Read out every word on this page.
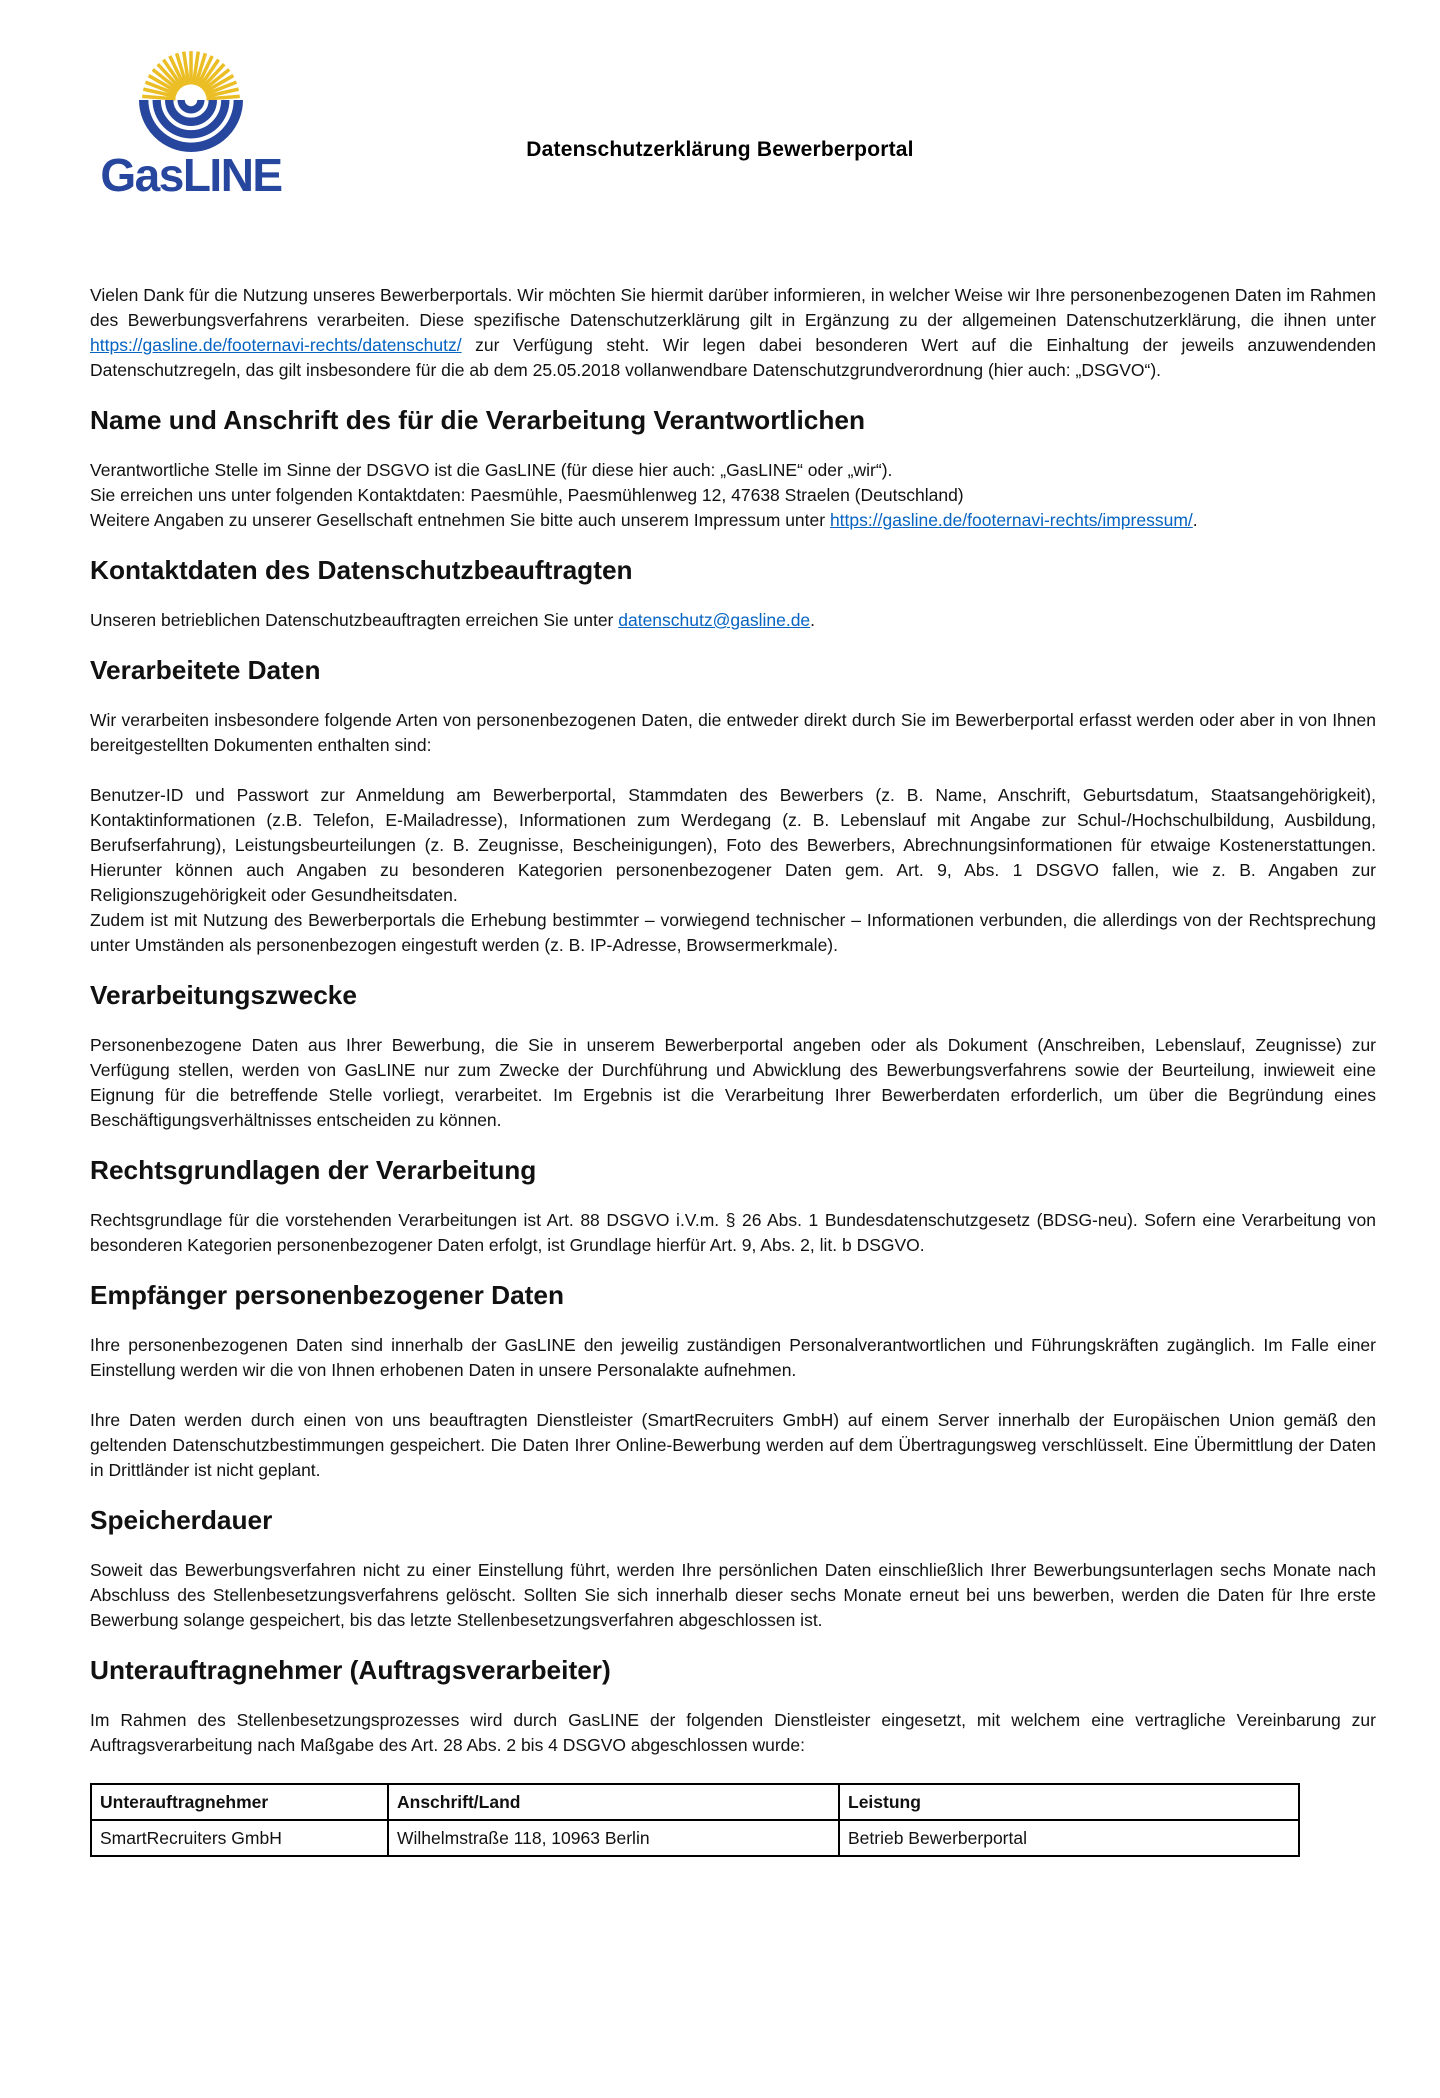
GasLINE	Datenschutzerklärung Bewerberportal

Vielen Dank für die Nutzung unseres Bewerberportals. Wir möchten Sie hiermit darüber informieren, in welcher Weise wir Ihre personenbezogenen Daten im Rahmen des Bewerbungsverfahrens verarbeiten. Diese spezifische Datenschutzerklärung gilt in Ergänzung zu der allgemeinen Datenschutzerklärung, die ihnen unter https://gasline.de/footernavi-rechts/datenschutz/ zur Verfügung steht. Wir legen dabei besonderen Wert auf die Einhaltung der jeweils anzuwendenden Datenschutzregeln, das gilt insbesondere für die ab dem 25.05.2018 vollanwendbare Datenschutzgrundverordnung (hier auch: „DSGVO“).

Name und Anschrift des für die Verarbeitung Verantwortlichen

Verantwortliche Stelle im Sinne der DSGVO ist die GasLINE (für diese hier auch: „GasLINE“ oder „wir“).
Sie erreichen uns unter folgenden Kontaktdaten: Paesmühle, Paesmühlenweg 12, 47638 Straelen (Deutschland)
Weitere Angaben zu unserer Gesellschaft entnehmen Sie bitte auch unserem Impressum unter https://gasline.de/footernavi-rechts/impressum/.

Kontaktdaten des Datenschutzbeauftragten

Unseren betrieblichen Datenschutzbeauftragten erreichen Sie unter datenschutz@gasline.de.

Verarbeitete Daten

Wir verarbeiten insbesondere folgende Arten von personenbezogenen Daten, die entweder direkt durch Sie im Bewerberportal erfasst werden oder aber in von Ihnen bereitgestellten Dokumenten enthalten sind:

Benutzer-ID und Passwort zur Anmeldung am Bewerberportal, Stammdaten des Bewerbers (z. B. Name, Anschrift, Geburtsdatum, Staatsangehörigkeit), Kontaktinformationen (z.B. Telefon, E-Mailadresse), Informationen zum Werdegang (z. B. Lebenslauf mit Angabe zur Schul-/Hochschulbildung, Ausbildung, Berufserfahrung), Leistungsbeurteilungen (z. B. Zeugnisse, Bescheinigungen), Foto des Bewerbers, Abrechnungsinformationen für etwaige Kostenerstattungen. Hierunter können auch Angaben zu besonderen Kategorien personenbezogener Daten gem. Art. 9, Abs. 1 DSGVO fallen, wie z. B. Angaben zur Religionszugehörigkeit oder Gesundheitsdaten.
Zudem ist mit Nutzung des Bewerberportals die Erhebung bestimmter – vorwiegend technischer – Informationen verbunden, die allerdings von der Rechtsprechung unter Umständen als personenbezogen eingestuft werden (z. B. IP-Adresse, Browsermerkmale).

Verarbeitungszwecke

Personenbezogene Daten aus Ihrer Bewerbung, die Sie in unserem Bewerberportal angeben oder als Dokument (Anschreiben, Lebenslauf, Zeugnisse) zur Verfügung stellen, werden von GasLINE nur zum Zwecke der Durchführung und Abwicklung des Bewerbungsverfahrens sowie der Beurteilung, inwieweit eine Eignung für die betreffende Stelle vorliegt, verarbeitet. Im Ergebnis ist die Verarbeitung Ihrer Bewerberdaten erforderlich, um über die Begründung eines Beschäftigungsverhältnisses entscheiden zu können.

Rechtsgrundlagen der Verarbeitung

Rechtsgrundlage für die vorstehenden Verarbeitungen ist Art. 88 DSGVO i.V.m. § 26 Abs. 1 Bundesdatenschutzgesetz (BDSG-neu). Sofern eine Verarbeitung von besonderen Kategorien personenbezogener Daten erfolgt, ist Grundlage hierfür Art. 9, Abs. 2, lit. b DSGVO.

Empfänger personenbezogener Daten

Ihre personenbezogenen Daten sind innerhalb der GasLINE den jeweilig zuständigen Personalverantwortlichen und Führungskräften zugänglich. Im Falle einer Einstellung werden wir die von Ihnen erhobenen Daten in unsere Personalakte aufnehmen.

Ihre Daten werden durch einen von uns beauftragten Dienstleister (SmartRecruiters GmbH) auf einem Server innerhalb der Europäischen Union gemäß den geltenden Datenschutzbestimmungen gespeichert. Die Daten Ihrer Online-Bewerbung werden auf dem Übertragungsweg verschlüsselt. Eine Übermittlung der Daten in Drittländer ist nicht geplant.

Speicherdauer

Soweit das Bewerbungsverfahren nicht zu einer Einstellung führt, werden Ihre persönlichen Daten einschließlich Ihrer Bewerbungsunterlagen sechs Monate nach Abschluss des Stellenbesetzungsverfahrens gelöscht. Sollten Sie sich innerhalb dieser sechs Monate erneut bei uns bewerben, werden die Daten für Ihre erste Bewerbung solange gespeichert, bis das letzte Stellenbesetzungsverfahren abgeschlossen ist.

Unterauftragnehmer (Auftragsverarbeiter)

Im Rahmen des Stellenbesetzungsprozesses wird durch GasLINE der folgenden Dienstleister eingesetzt, mit welchem eine vertragliche Vereinbarung zur Auftragsverarbeitung nach Maßgabe des Art. 28 Abs. 2 bis 4 DSGVO abgeschlossen wurde:

Unterauftragnehmer	Anschrift/Land	Leistung
SmartRecruiters GmbH	Wilhelmstraße 118, 10963 Berlin	Betrieb Bewerberportal
